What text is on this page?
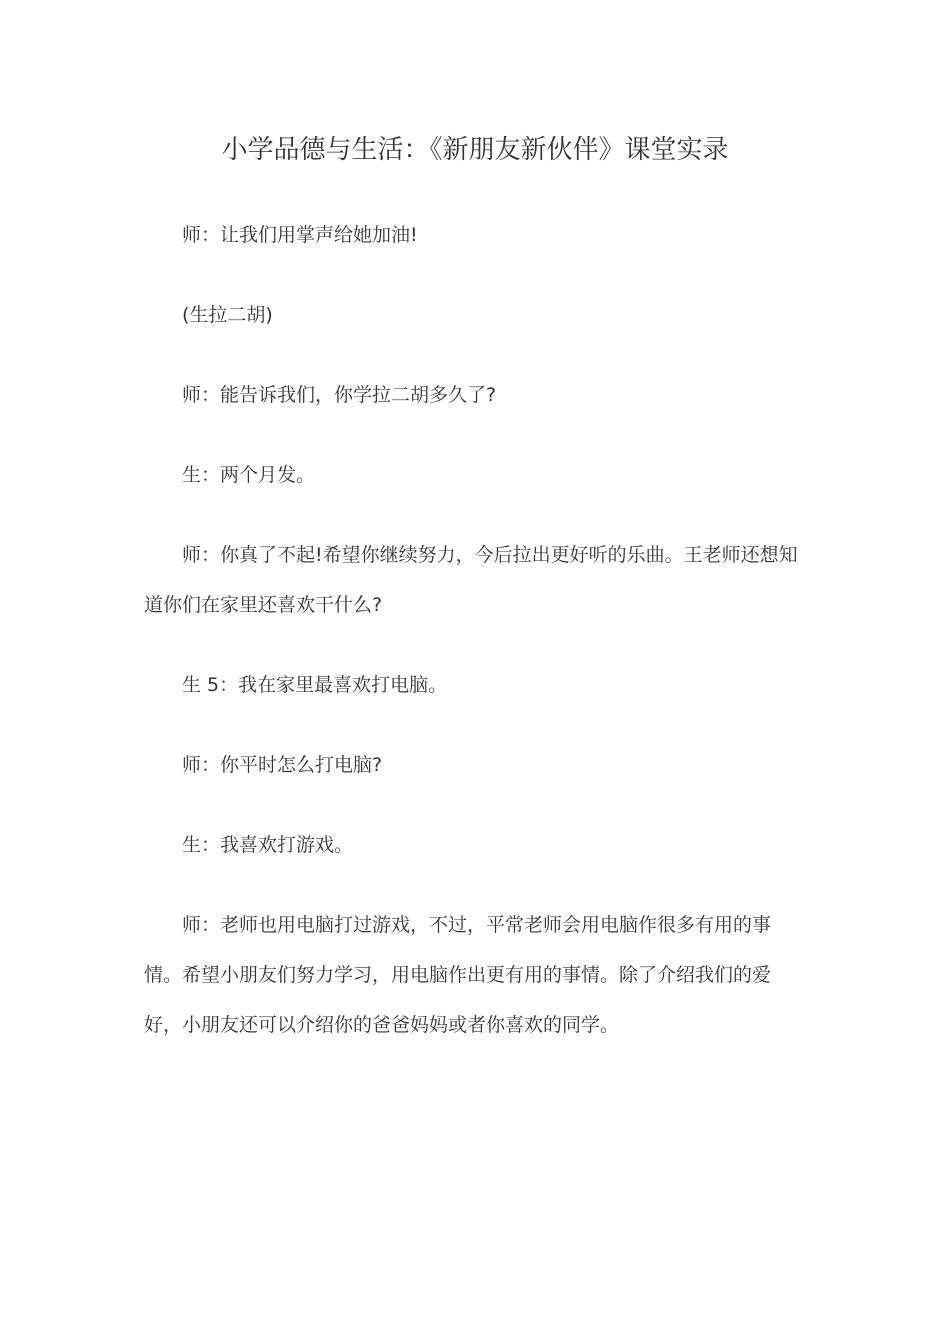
小学品德与生活：《新朋友新伙伴》课堂实录

师：让我们用掌声给她加油!

(生拉二胡)

师：能告诉我们，你学拉二胡多久了?

生：两个月发。

师：你真了不起!希望你继续努力，今后拉出更好听的乐曲。王老师还想知道你们在家里还喜欢干什么?

生 5：我在家里最喜欢打电脑。

师：你平时怎么打电脑?

生：我喜欢打游戏。

师：老师也用电脑打过游戏，不过，平常老师会用电脑作很多有用的事情。希望小朋友们努力学习，用电脑作出更有用的事情。除了介绍我们的爱好，小朋友还可以介绍你的爸爸妈妈或者你喜欢的同学。
